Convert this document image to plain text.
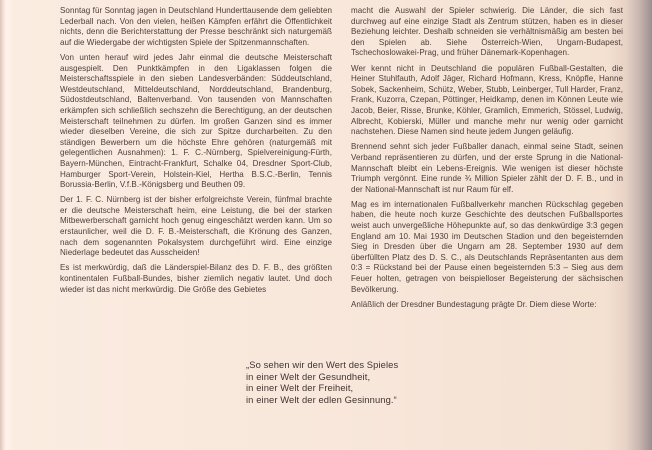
Sonntag für Sonntag jagen in Deutschland Hunderttausende dem geliebten Lederball nach. Von den vielen, heißen Kämpfen erfährt die Öffentlichkeit nichts, denn die Berichterstattung der Presse beschränkt sich naturgemäß auf die Wiedergabe der wichtigsten Spiele der Spitzenmannschaften.

Von unten herauf wird jedes Jahr einmal die deutsche Meisterschaft ausgespielt. Den Punktkämpfen in den Ligaklassen folgen die Meisterschaftsspiele in den sieben Landesverbänden: Süddeutschland, Westdeutschland, Mitteldeutschland, Norddeutschland, Brandenburg, Südostdeutschland, Baltenverband. Von tausenden von Mannschaften erkämpfen sich schließlich sechszehn die Berechtigung, an der deutschen Meisterschaft teilnehmen zu dürfen. Im großen Ganzen sind es immer wieder dieselben Vereine, die sich zur Spitze durcharbeiten. Zu den ständigen Bewerbern um die höchste Ehre gehören (naturgemäß mit gelegentlichen Ausnahmen): 1. F. C.-Nürnberg, Spielvereinigung-Fürth, Bayern-München, Eintracht-Frankfurt, Schalke 04, Dresdner Sport-Club, Hamburger Sport-Verein, Holstein-Kiel, Hertha B.S.C.-Berlin, Tennis Borussia-Berlin, V.f.B.-Königsberg und Beuthen 09.

Der 1. F. C. Nürnberg ist der bisher erfolgreichste Verein, fünfmal brachte er die deutsche Meisterschaft heim, eine Leistung, die bei der starken Mitbewerberschaft garnicht hoch genug eingeschätzt werden kann. Um so erstaunlicher, weil die D. F. B.-Meisterschaft, die Krönung des Ganzen, nach dem sogenannten Pokalsystem durchgeführt wird. Eine einzige Niederlage bedeutet das Ausscheiden!

Es ist merkwürdig, daß die Länderspiel-Bilanz des D. F. B., des größten kontinentalen Fußball-Bundes, bisher ziemlich negativ lautet. Und doch wieder ist das nicht merkwürdig. Die Größe des Gebietes

macht die Auswahl der Spieler schwierig. Die Länder, die sich fast durchweg auf eine einzige Stadt als Zentrum stützen, haben es in dieser Beziehung leichter. Deshalb schneiden sie verhältnismäßig am besten bei den Spielen ab. Siehe Österreich-Wien, Ungarn-Budapest, Tschechoslowakei-Prag, und früher Dänemark-Kopenhagen.

Wer kennt nicht in Deutschland die populären Fußball-Gestalten, die Heiner Stuhlfauth, Adolf Jäger, Richard Hofmann, Kress, Knöpfle, Hanne Sobek, Sackenheim, Schütz, Weber, Stubb, Leinberger, Tull Harder, Franz, Frank, Kuzorra, Czepan, Pöttinger, Heidkamp, denen im Können Leute wie Jacob, Beier, Risse, Brunke, Köhler, Gramlich, Emmerich, Stössel, Ludwig, Albrecht, Kobierski, Müller und manche mehr nur wenig oder garnicht nachstehen. Diese Namen sind heute jedem Jungen geläufig.

Brennend sehnt sich jeder Fußballer danach, einmal seine Stadt, seinen Verband repräsentieren zu dürfen, und der erste Sprung in die National-Mannschaft bleibt ein Lebens-Ereignis. Wie wenigen ist dieser höchste Triumph vergönnt. Eine runde ¾ Million Spieler zählt der D. F. B., und in der National-Mannschaft ist nur Raum für elf.

Mag es im internationalen Fußballverkehr manchen Rückschlag gegeben haben, die heute noch kurze Geschichte des deutschen Fußballsportes weist auch unvergeßliche Höhepunkte auf, so das denkwürdige 3:3 gegen England am 10. Mai 1930 im Deutschen Stadion und den begeisternden Sieg in Dresden über die Ungarn am 28. September 1930 auf dem überfüllten Platz des D. S. C., als Deutschlands Repräsentanten aus dem 0:3 = Rückstand bei der Pause einen begeisternden 5:3 – Sieg aus dem Feuer holten, getragen von beispielloser Begeisterung der sächsischen Bevölkerung.

Anläßlich der Dresdner Bundestagung prägte Dr. Diem diese Worte:

„So sehen wir den Wert des Spieles
in einer Welt der Gesundheit,
in einer Welt der Freiheit,
in einer Welt der edlen Gesinnung.“
